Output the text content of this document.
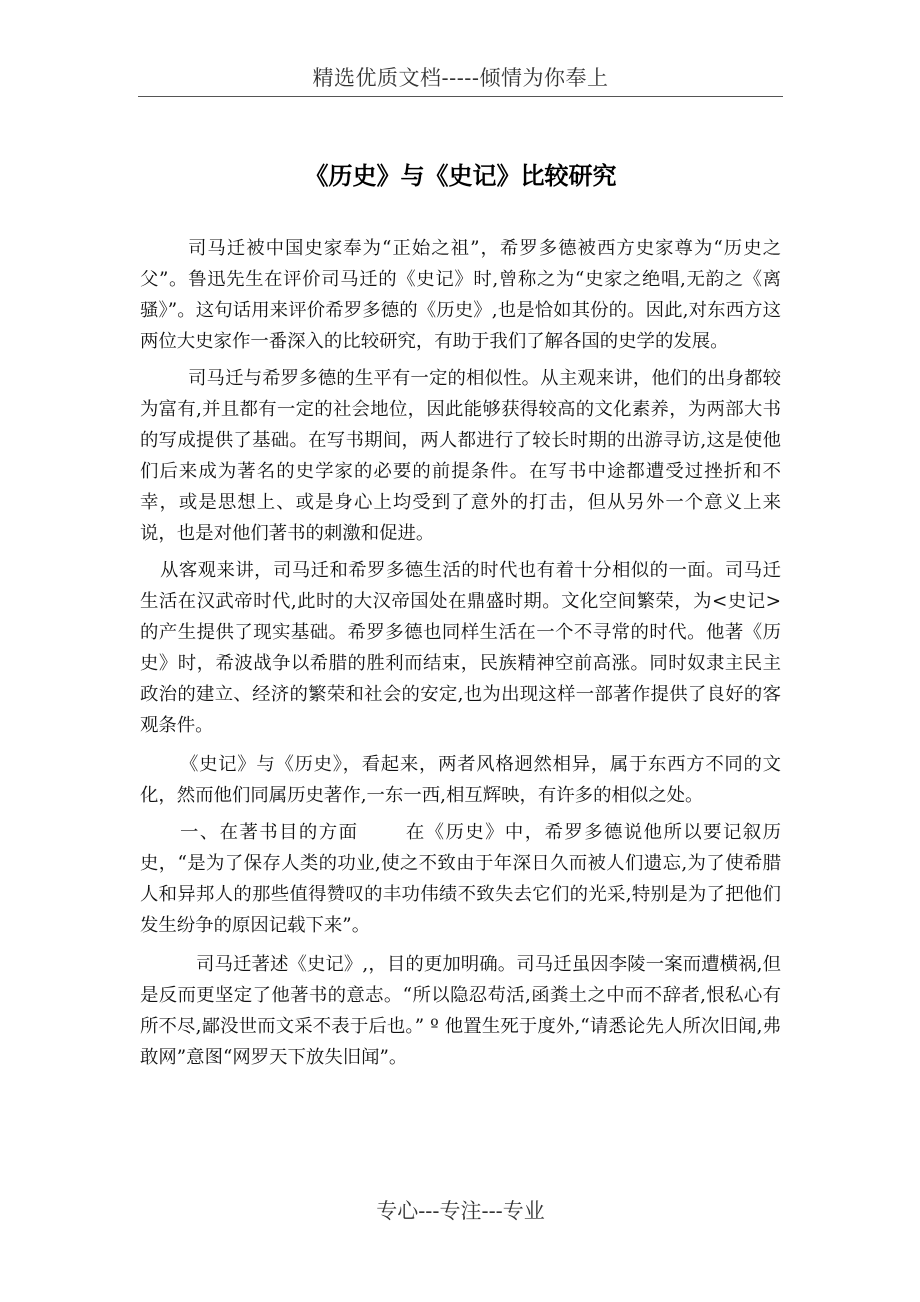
精选优质文档-----倾情为你奉上
《历史》与《史记》比较研究

司马迁被中国史家奉为“正始之祖”，希罗多德被西方史家尊为“历史之父”。鲁迅先生在评价司马迁的《史记》时,曾称之为“史家之绝唱,无韵之《离骚》”。这句话用来评价希罗多德的《历史》,也是恰如其份的。因此,对东西方这两位大史家作一番深入的比较研究，有助于我们了解各国的史学的发展。

司马迁与希罗多德的生平有一定的相似性。从主观来讲，他们的出身都较为富有,并且都有一定的社会地位，因此能够获得较高的文化素养，为两部大书的写成提供了基础。在写书期间，两人都进行了较长时期的出游寻访,这是使他们后来成为著名的史学家的必要的前提条件。在写书中途都遭受过挫折和不幸，或是思想上、或是身心上均受到了意外的打击，但从另外一个意义上来说，也是对他们著书的刺激和促进。

从客观来讲，司马迁和希罗多德生活的时代也有着十分相似的一面。司马迁生活在汉武帝时代,此时的大汉帝国处在鼎盛时期。文化空间繁荣，为<史记>的产生提供了现实基础。希罗多德也同样生活在一个不寻常的时代。他著《历史》时，希波战争以希腊的胜利而结束，民族精神空前高涨。同时奴隶主民主政治的建立、经济的繁荣和社会的安定,也为出现这样一部著作提供了良好的客观条件。

《史记》与《历史》，看起来，两者风格迥然相异，属于东西方不同的文化，然而他们同属历史著作,一东一西,相互辉映，有许多的相似之处。

一、在著书目的方面	在《历史》中，希罗多德说他所以要记叙历史，“是为了保存人类的功业,使之不致由于年深日久而被人们遗忘,为了使希腊人和异邦人的那些值得赞叹的丰功伟绩不致失去它们的光采,特别是为了把他们发生纷争的原因记载下来”。

司马迁著述《史记》,，目的更加明确。司马迁虽因李陵一案而遭横祸,但是反而更坚定了他著书的意志。“所以隐忍苟活,函粪土之中而不辞者,恨私心有所不尽,鄙没世而文采不表于后也。” º 他置生死于度外,“请悉论先人所次旧闻,弗敢网”意图“网罗天下放失旧闻”。

专心---专注---专业
